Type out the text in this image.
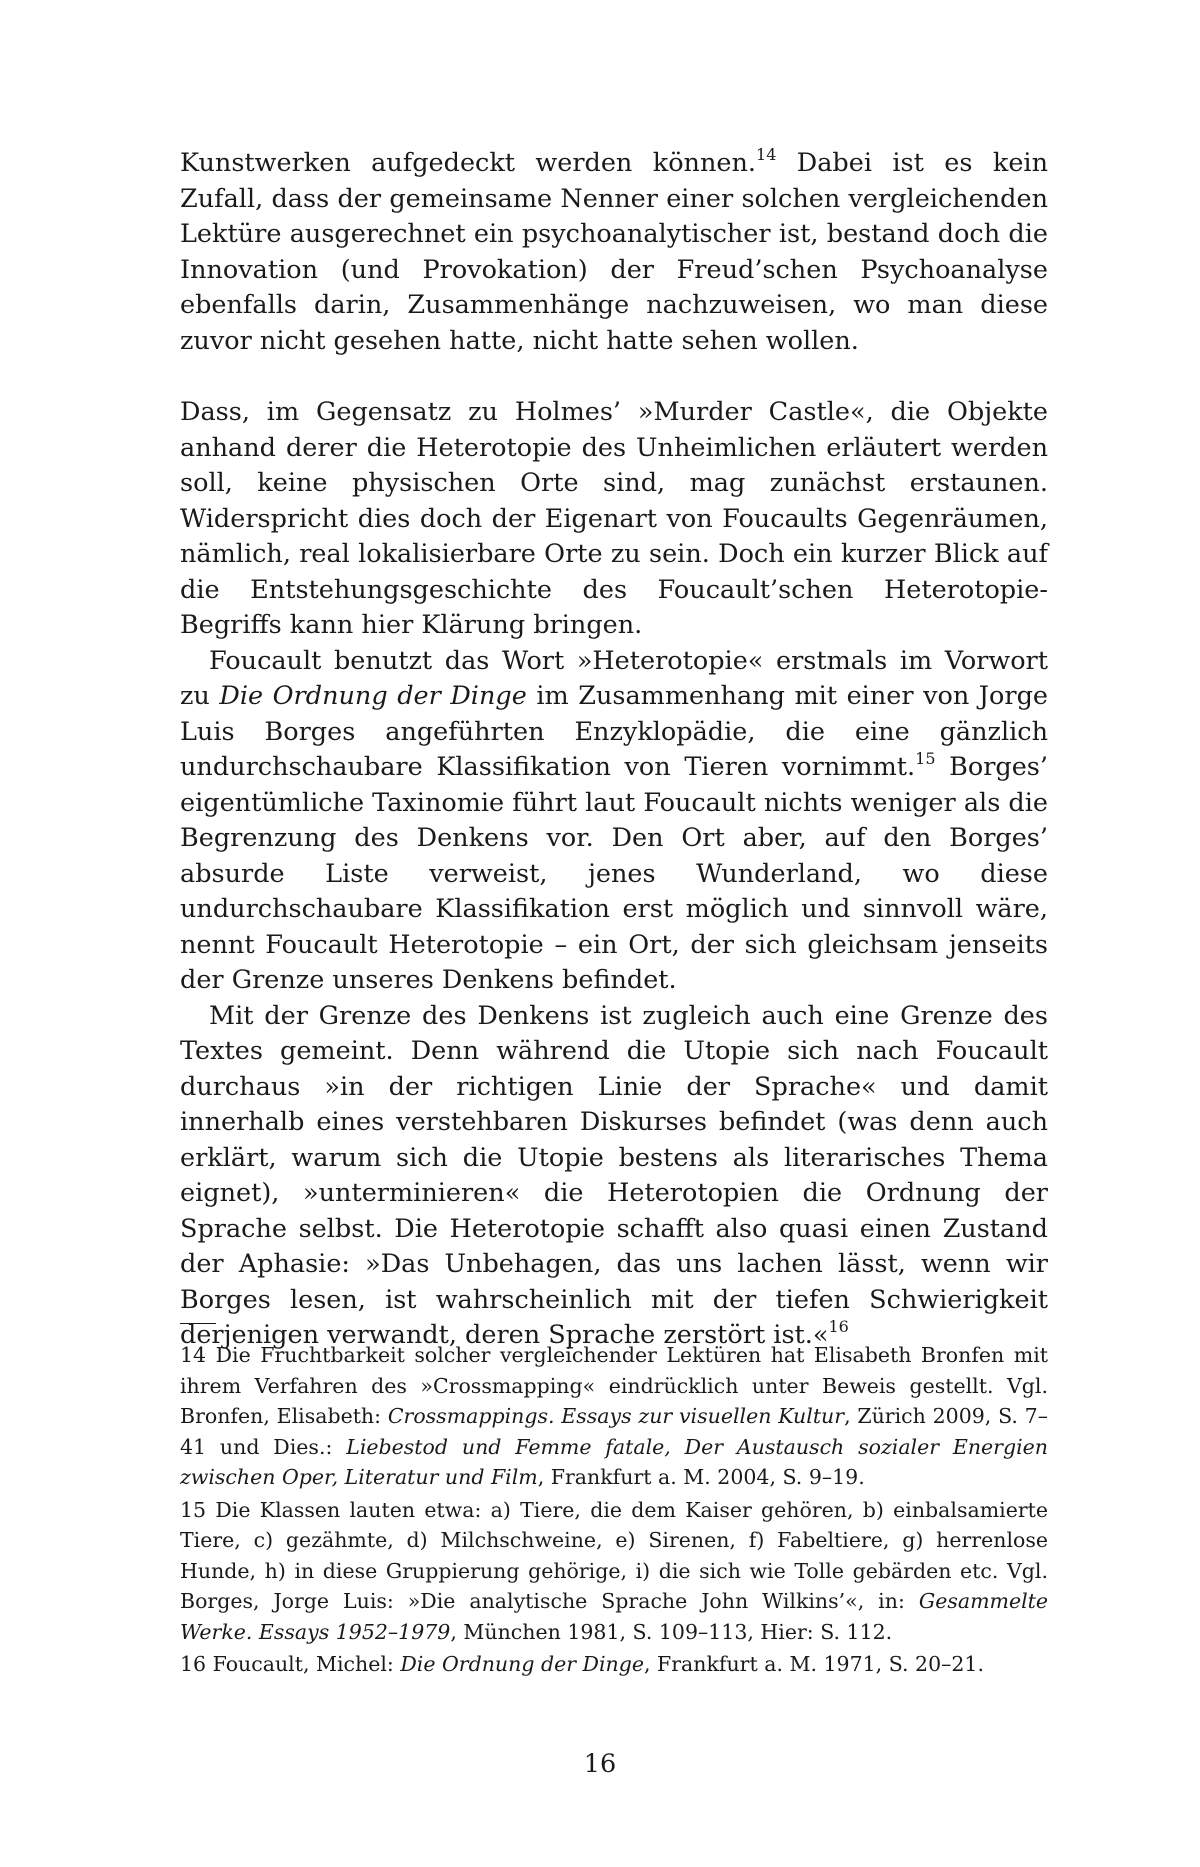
Kunstwerken aufgedeckt werden können.$^{14}$ Dabei ist es kein Zufall, dass der gemeinsame Nenner einer solchen vergleichenden Lektüre ausgerechnet ein psychoanalytischer ist, bestand doch die Innovation (und Provokation) der Freud’schen Psychoanalyse ebenfalls darin, Zusammenhänge nachzuweisen, wo man diese zuvor nicht gesehen hatte, nicht hatte sehen wollen.

Dass, im Gegensatz zu Holmes’ »Murder Castle«, die Objekte anhand derer die Heterotopie des Unheimlichen erläutert werden soll, keine physischen Orte sind, mag zunächst erstaunen. Widerspricht dies doch der Eigenart von Foucaults Gegenräumen, nämlich, real lokalisierbare Orte zu sein. Doch ein kurzer Blick auf die Entstehungsgeschichte des Foucault’schen Heterotopie-Begriffs kann hier Klärung bringen.

Foucault benutzt das Wort »Heterotopie« erstmals im Vorwort zu Die Ordnung der Dinge im Zusammenhang mit einer von Jorge Luis Borges angeführten Enzyklopädie, die eine gänzlich undurchschaubare Klassifikation von Tieren vornimmt.$^{15}$ Borges’ eigentümliche Taxinomie führt laut Foucault nichts weniger als die Begrenzung des Denkens vor. Den Ort aber, auf den Borges’ absurde Liste verweist, jenes Wunderland, wo diese undurchschaubare Klassifikation erst möglich und sinnvoll wäre, nennt Foucault Heterotopie – ein Ort, der sich gleichsam jenseits der Grenze unseres Denkens befindet.

Mit der Grenze des Denkens ist zugleich auch eine Grenze des Textes gemeint. Denn während die Utopie sich nach Foucault durchaus »in der richtigen Linie der Sprache« und damit innerhalb eines verstehbaren Diskurses befindet (was denn auch erklärt, warum sich die Utopie bestens als literarisches Thema eignet), »unterminieren« die Heterotopien die Ordnung der Sprache selbst. Die Heterotopie schafft also quasi einen Zustand der Aphasie: »Das Unbehagen, das uns lachen lässt, wenn wir Borges lesen, ist wahrscheinlich mit der tiefen Schwierigkeit derjenigen verwandt, deren Sprache zerstört ist.«$^{16}$

14 Die Fruchtbarkeit solcher vergleichender Lektüren hat Elisabeth Bronfen mit ihrem Verfahren des »Crossmapping« eindrücklich unter Beweis gestellt. Vgl. Bronfen, Elisabeth: Crossmappings. Essays zur visuellen Kultur, Zürich 2009, S. 7–41 und Dies.: Liebestod und Femme fatale, Der Austausch sozialer Energien zwischen Oper, Literatur und Film, Frankfurt a. M. 2004, S. 9–19.

15 Die Klassen lauten etwa: a) Tiere, die dem Kaiser gehören, b) einbalsamierte Tiere, c) gezähmte, d) Milchschweine, e) Sirenen, f) Fabeltiere, g) herrenlose Hunde, h) in diese Gruppierung gehörige, i) die sich wie Tolle gebärden etc. Vgl. Borges, Jorge Luis: »Die analytische Sprache John Wilkins’«, in: Gesammelte Werke. Essays 1952–1979, München 1981, S. 109–113, Hier: S. 112.

16 Foucault, Michel: Die Ordnung der Dinge, Frankfurt a. M. 1971, S. 20–21.

16
